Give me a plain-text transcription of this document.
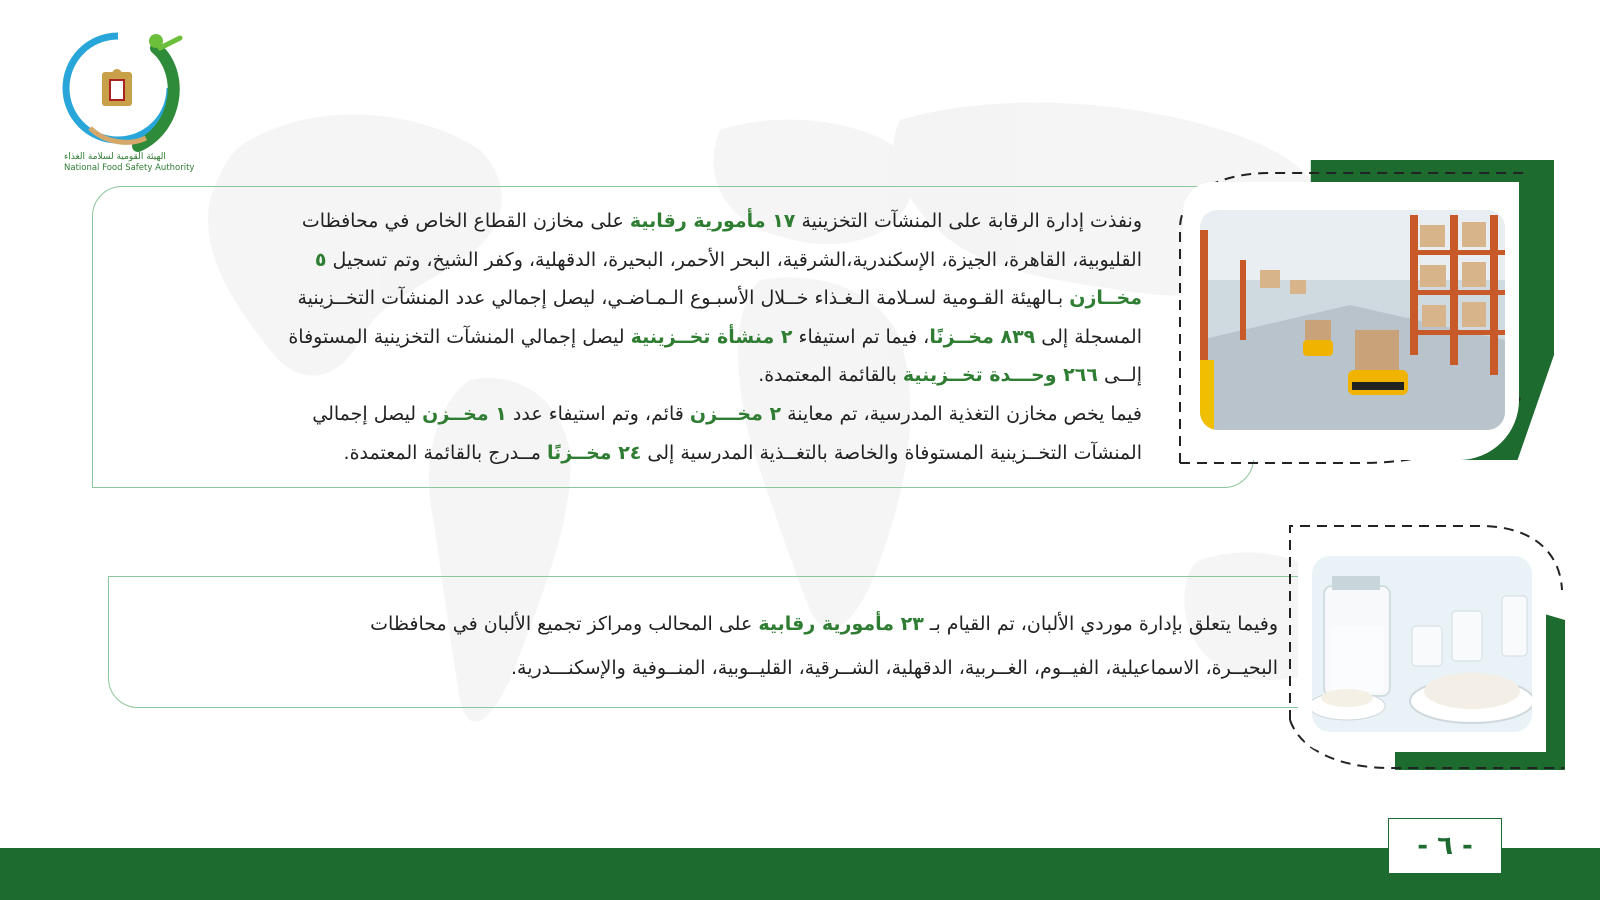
NFSA
الهيئة القومية لسلامة الغذاء
National Food Safety Authority

ونفذت إدارة الرقابة على المنشآت التخزينية ١٧ مأمورية رقابية على مخازن القطاع الخاص في محافظات

القليوبية، القاهرة، الجيزة، الإسكندرية،الشرقية، البحر الأحمر، البحيرة، الدقهلية، وكفر الشيخ، وتم تسجيل ٥

مخــازن بـالهيئة القـومية لسـلامة الـغـذاء خــلال الأسبـوع الـمـاضـي، ليصل إجمالي عدد المنشآت التخــزينية

المسجلة إلى ٨٣٩ مخــزنًا، فيما تم استيفاء ٢ منشأة تخــزينية ليصل إجمالي المنشآت التخزينية المستوفاة

إلــى ٢٦٦ وحـــدة تخــزينية بالقائمة المعتمدة.

فيما يخص مخازن التغذية المدرسية، تم معاينة ٢ مخـــزن قائم، وتم استيفاء عدد ١ مخــزن ليصل إجمالي

المنشآت التخــزينية المستوفاة والخاصة بالتغــذية المدرسية إلى ٢٤ مخــزنًا مــدرج بالقائمة المعتمدة.

وفيما يتعلق بإدارة موردي الألبان، تم القيام بـ ٢٣ مأمورية رقابية على المحالب ومراكز تجميع الألبان في محافظات

البحيــرة، الاسماعيلية، الفيــوم، الغــربية، الدقهلية، الشــرقية، القليــوبية، المنــوفية والإسكنـــدرية.

- ٦ -
